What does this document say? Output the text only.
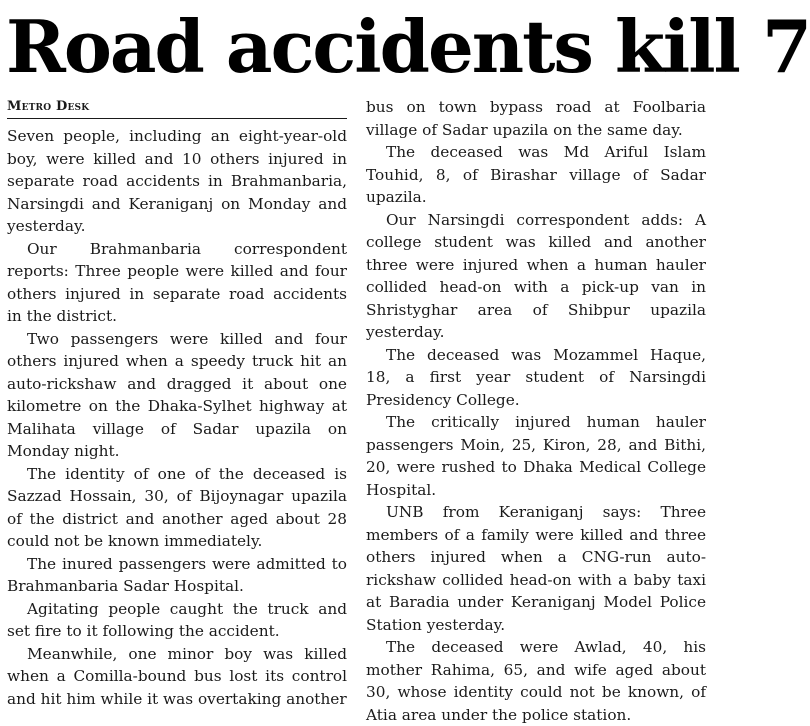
Road accidents kill 7
Metro Desk

Seven people, including an eight-year-old boy, were killed and 10 others injured in separate road accidents in Brahmanbaria, Narsingdi and Keraniganj on Monday and yesterday.

Our Brahmanbaria correspondent reports: Three people were killed and four others injured in separate road accidents in the district.

Two passengers were killed and four others injured when a speedy truck hit an auto-rickshaw and dragged it about one kilometre on the Dhaka-Sylhet highway at Malihata village of Sadar upazila on Monday night.

The identity of one of the deceased is Sazzad Hossain, 30, of Bijoynagar upazila of the district and another aged about 28 could not be known immediately.

The inured passengers were admitted to Brahmanbaria Sadar Hospital.

Agitating people caught the truck and set fire to it following the accident.

Meanwhile, one minor boy was killed when a Comilla-bound bus lost its control and hit him while it was overtaking another

bus on town bypass road at Foolbaria village of Sadar upazila on the same day.

The deceased was Md Ariful Islam Touhid, 8, of Birashar village of Sadar upazila.

Our Narsingdi correspondent adds: A college student was killed and another three were injured when a human hauler collided head-on with a pick-up van in Shristyghar area of Shibpur upazila yesterday.

The deceased was Mozammel Haque, 18, a first year student of Narsingdi Presidency College.

The critically injured human hauler passengers Moin, 25, Kiron, 28, and Bithi, 20, were rushed to Dhaka Medical College Hospital.

UNB from Keraniganj says: Three members of a family were killed and three others injured when a CNG-run auto-rickshaw collided head-on with a baby taxi at Baradia under Keraniganj Model Police Station yesterday.

The deceased were Awlad, 40, his mother Rahima, 65, and wife aged about 30, whose identity could not be known, of Atia area under the police station.
